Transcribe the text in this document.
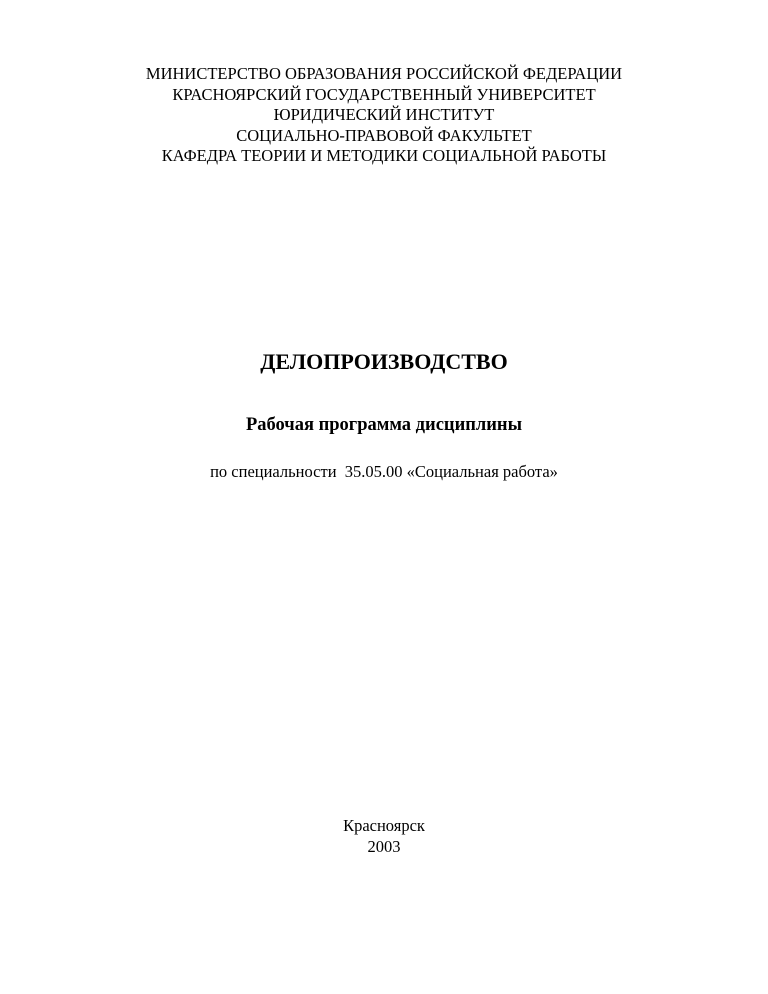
МИНИСТЕРСТВО ОБРАЗОВАНИЯ РОССИЙСКОЙ ФЕДЕРАЦИИ
КРАСНОЯРСКИЙ ГОСУДАРСТВЕННЫЙ УНИВЕРСИТЕТ
ЮРИДИЧЕСКИЙ ИНСТИТУТ
СОЦИАЛЬНО-ПРАВОВОЙ ФАКУЛЬТЕТ
КАФЕДРА ТЕОРИИ И МЕТОДИКИ СОЦИАЛЬНОЙ РАБОТЫ
ДЕЛОПРОИЗВОДСТВО
Рабочая программа дисциплины
по специальности  35.05.00 «Социальная работа»
Красноярск
2003
